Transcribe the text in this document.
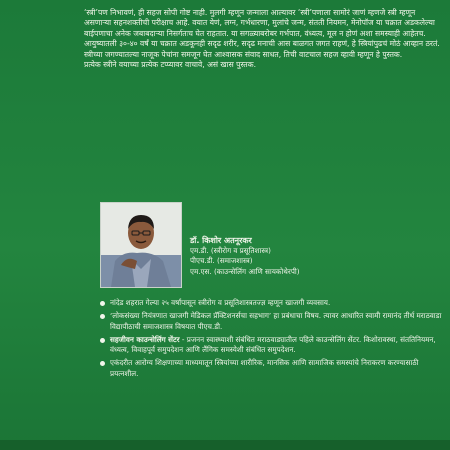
‘स्त्री’पण निभावणं, ही सहज सोपी गोष्ट नाही. मुलगी म्हणून जन्माला आल्यावर ‘स्त्री’पणाला सामोरं जाणं म्हणजे स्त्री म्हणून असणाऱ्या सहनशक्तीची परीक्षाच आहे. वयात येणं, लग्न, गर्भधारणा, मुलांचे जन्म, संतती नियमन, मेनोपॉज या चक्रात अडकलेल्या बाईपणाचा अनेक जबाबदाऱ्या निसर्गतःच घेत राहतात. या सगळ्याबरोबर गर्भपात, वंध्यत्व, मूल न होणं अशा समस्याही आहेतच. आयुष्यातली ३०-४० वर्षं या चक्रात अडकूनही सदृढ शरीर, सदृढ मनाची आस बाळगत जगत राहणं, हे स्त्रियांपुढचं मोठं आव्हान ठरतं.

स्त्रीच्या जगण्यातल्या नाजूक पेचांना समजून घेत आश्वासक संवाद साधत, तिची वाटचाल सहज व्हावी म्हणून हे पुस्तक.

प्रत्येक स्त्रीने वयाच्या प्रत्येक टप्प्यावर वाचावे, असं खास पुस्तक.

डॉ. किशोर अतनूरकर
एम.डी. (स्त्रीरोग व प्रसूतिशास्त्र)
पीएच.डी. (समाजशास्त्र)
एम.एस. (काउन्सेलिंग आणि सायकोथेरपी)
नांदेड शहरात गेल्या २५ वर्षांपासून स्त्रीरोग व प्रसूतिशास्त्रतज्ज्ञ म्हणून खाजगी व्यवसाय.
‘लोकसंख्या नियंत्रणात खाजगी मेडिकल प्रॅक्टिशनर्सचा सहभाग’ हा प्रबंधाचा विषय. त्यावर आधारित स्वामी रामानंद तीर्थ मराठवाडा विद्यापीठाची समाजशास्त्र विषयात पीएच.डी.
सहजीवन काउन्सेलिंग सेंटर - प्रजनन स्वास्थ्याशी संबंधित मराठवाड्यातील पहिले काउन्सेलिंग सेंटर. किशोरावस्था, संततिनियमन, वंध्यत्व, विवाहपूर्व समुपदेशन आणि लैंगिक समस्येशी संबंधित समुपदेशन.
एकंदरीत आरोग्य शिक्षणाच्या माध्यमातून स्त्रियांच्या शारीरिक, मानसिक आणि सामाजिक समस्यांचे निराकरण करण्यासाठी प्रयत्नशील.
